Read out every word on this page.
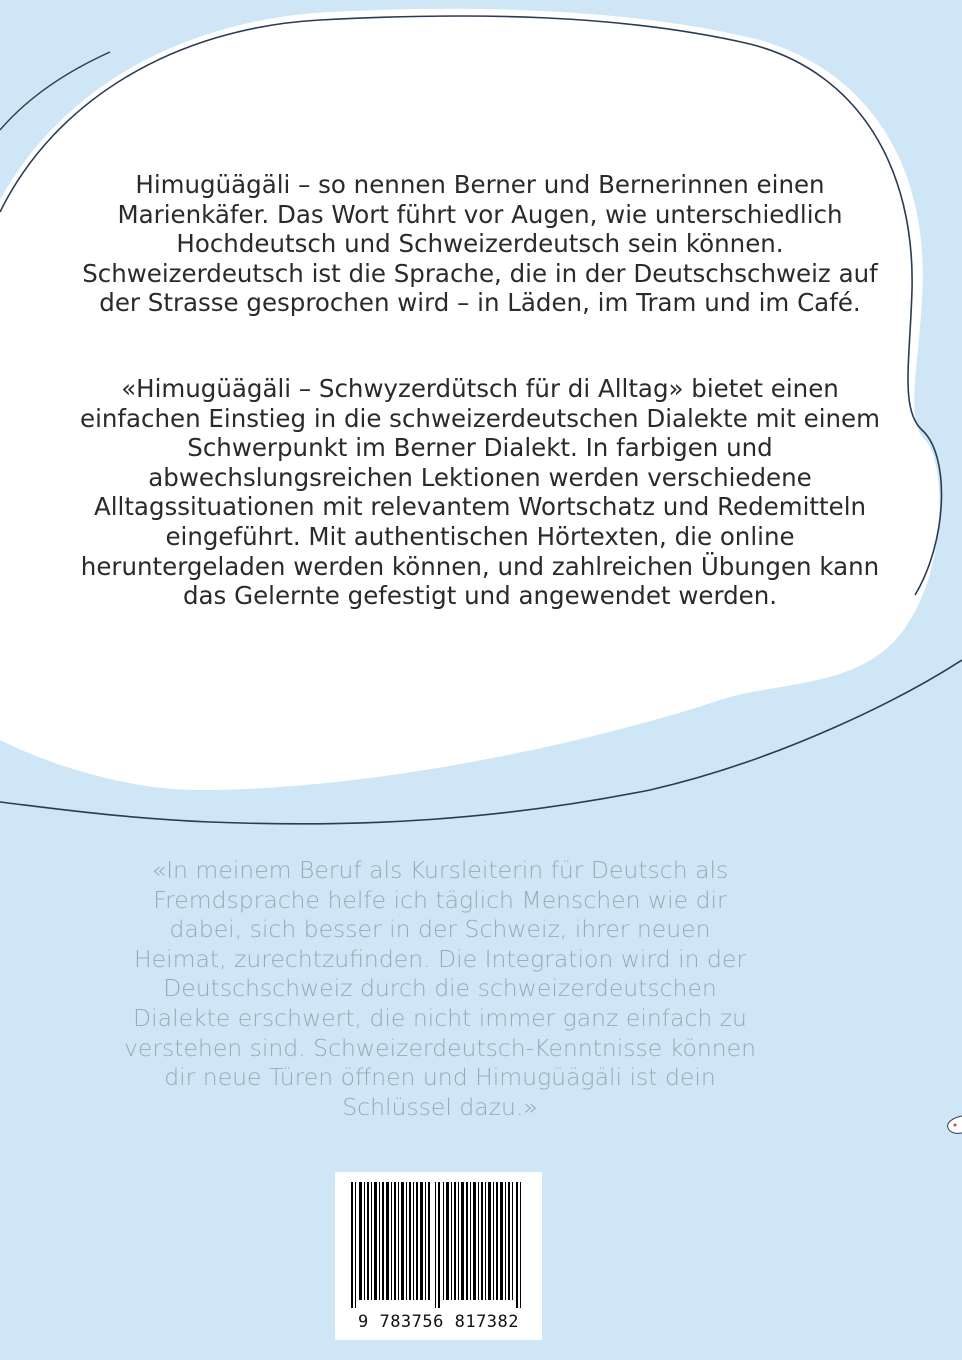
Himugüägäli – so nennen Berner und Bernerinnen einen Marienkäfer. Das Wort führt vor Augen, wie unterschiedlich Hochdeutsch und Schweizerdeutsch sein können. Schweizerdeutsch ist die Sprache, die in der Deutschschweiz auf der Strasse gesprochen wird – in Läden, im Tram und im Café.

«Himugüägäli – Schwyzerdütsch für di Alltag» bietet einen einfachen Einstieg in die schweizerdeutschen Dialekte mit einem Schwerpunkt im Berner Dialekt. In farbigen und abwechslungsreichen Lektionen werden verschiedene Alltagssituationen mit relevantem Wortschatz und Redemitteln eingeführt. Mit authentischen Hörtexten, die online heruntergeladen werden können, und zahlreichen Übungen kann das Gelernte gefestigt und angewendet werden.

«In meinem Beruf als Kursleiterin für Deutsch als Fremdsprache helfe ich täglich Menschen wie dir dabei, sich besser in der Schweiz, ihrer neuen Heimat, zurechtzufinden. Die Integration wird in der Deutschschweiz durch die schweizerdeutschen Dialekte erschwert, die nicht immer ganz einfach zu verstehen sind. Schweizerdeutsch-Kenntnisse können dir neue Türen öffnen und Himugüägäli ist dein Schlüssel dazu.»

9 783756 817382
